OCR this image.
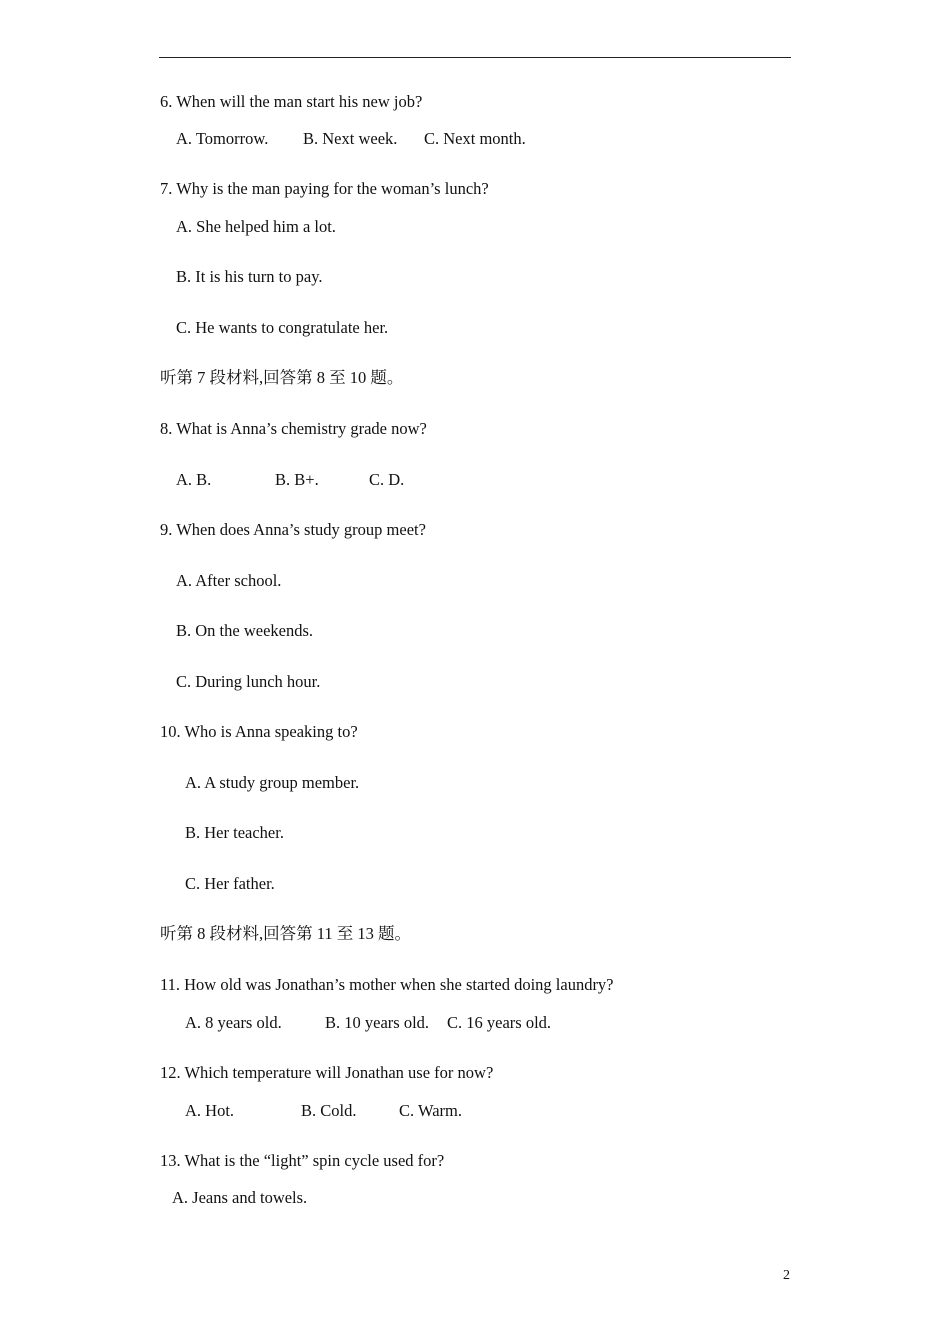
6. When will the man start his new job?
A. Tomorrow. B. Next week. C. Next month.
7. Why is the man paying for the woman’s lunch?
A. She helped him a lot.
B. It is his turn to pay.
C. He wants to congratulate her.
听第 7 段材料,回答第 8 至 10 题。
8. What is Anna’s chemistry grade now?
A. B.	B. B+.	C. D.
9. When does Anna’s study group meet?
A. After school.
B. On the weekends.
C. During lunch hour.
10. Who is Anna speaking to?
A. A study group member.
B. Her teacher.
C. Her father.
听第 8 段材料,回答第 11 至 13 题。
11. How old was Jonathan’s mother when she started doing laundry?
A. 8 years old.	B. 10 years old. C. 16 years old.
12. Which temperature will Jonathan use for now?
A. Hot.	B. Cold.	C. Warm.
13. What is the “light” spin cycle used for?
A. Jeans and towels.
2
